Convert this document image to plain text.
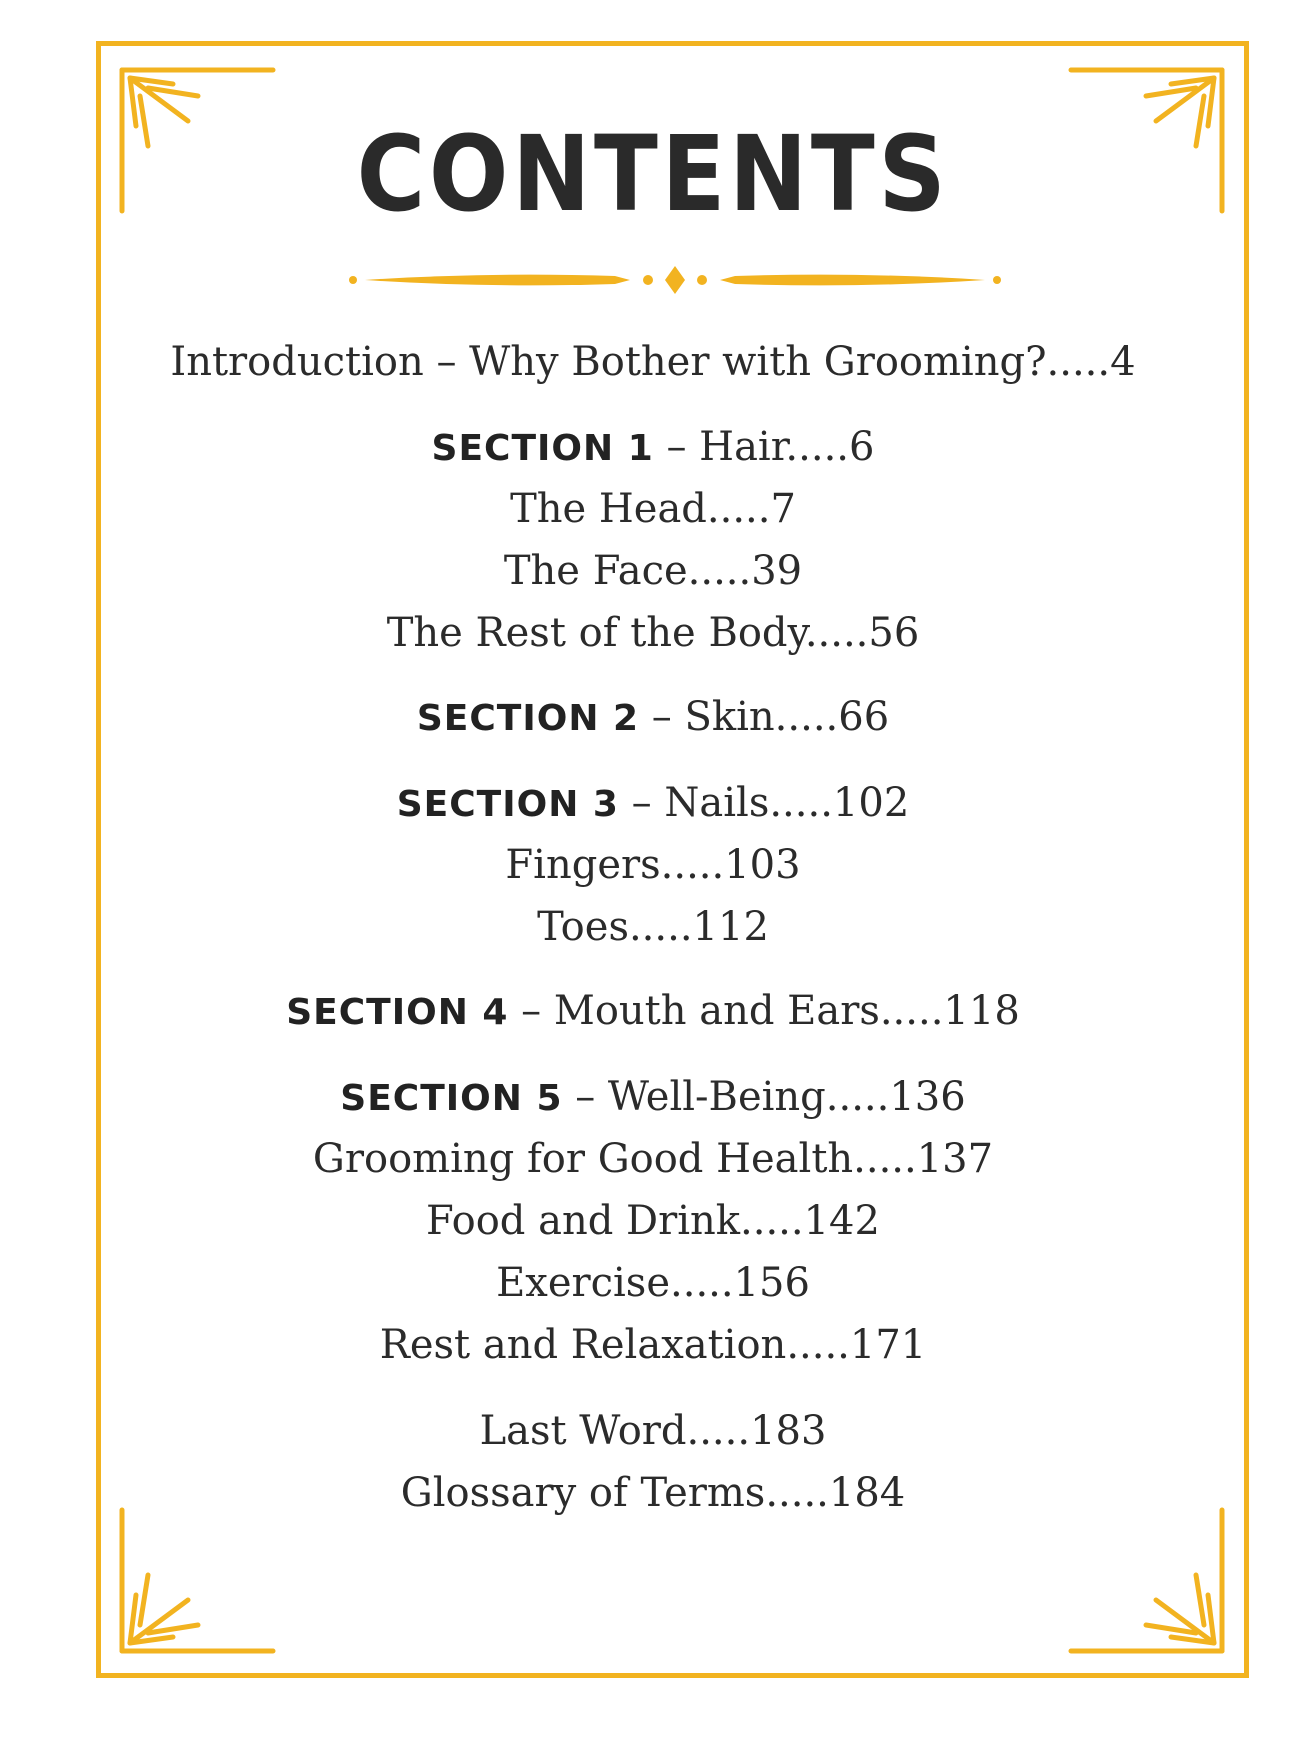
CONTENTS
Introduction – Why Bother with Grooming?.....4
SECTION 1 – Hair.....6
The Head.....7
The Face.....39
The Rest of the Body.....56
SECTION 2 – Skin.....66
SECTION 3 – Nails.....102
Fingers.....103
Toes.....112
SECTION 4 – Mouth and Ears.....118
SECTION 5 – Well-Being.....136
Grooming for Good Health.....137
Food and Drink.....142
Exercise.....156
Rest and Relaxation.....171
Last Word.....183
Glossary of Terms.....184
